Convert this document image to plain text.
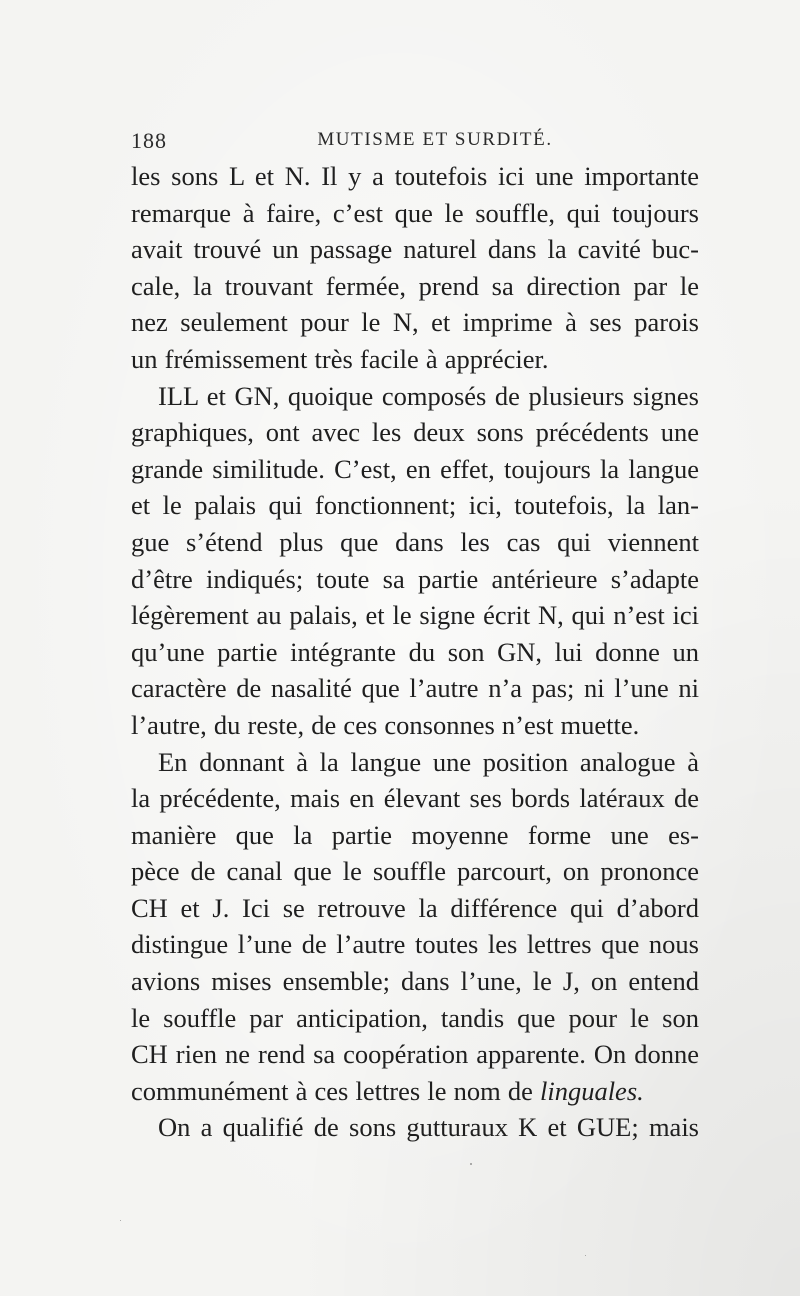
188	MUTISME ET SURDITÉ.
les sons L et N. Il y a toutefois ici une importante
remarque à faire, c’est que le souffle, qui toujours
avait trouvé un passage naturel dans la cavité buc-
cale, la trouvant fermée, prend sa direction par le
nez seulement pour le N, et imprime à ses parois
un frémissement très facile à apprécier.
ILL et GN, quoique composés de plusieurs signes
graphiques, ont avec les deux sons précédents une
grande similitude. C’est, en effet, toujours la langue
et le palais qui fonctionnent; ici, toutefois, la lan-
gue s’étend plus que dans les cas qui viennent
d’être indiqués; toute sa partie antérieure s’adapte
légèrement au palais, et le signe écrit N, qui n’est ici
qu’une partie intégrante du son GN, lui donne un
caractère de nasalité que l’autre n’a pas; ni l’une ni
l’autre, du reste, de ces consonnes n’est muette.
En donnant à la langue une position analogue à
la précédente, mais en élevant ses bords latéraux de
manière que la partie moyenne forme une es-
pèce de canal que le souffle parcourt, on prononce
CH et J. Ici se retrouve la différence qui d’abord
distingue l’une de l’autre toutes les lettres que nous
avions mises ensemble; dans l’une, le J, on entend
le souffle par anticipation, tandis que pour le son
CH rien ne rend sa coopération apparente. On donne
communément à ces lettres le nom de linguales.
On a qualifié de sons gutturaux K et GUE; mais
